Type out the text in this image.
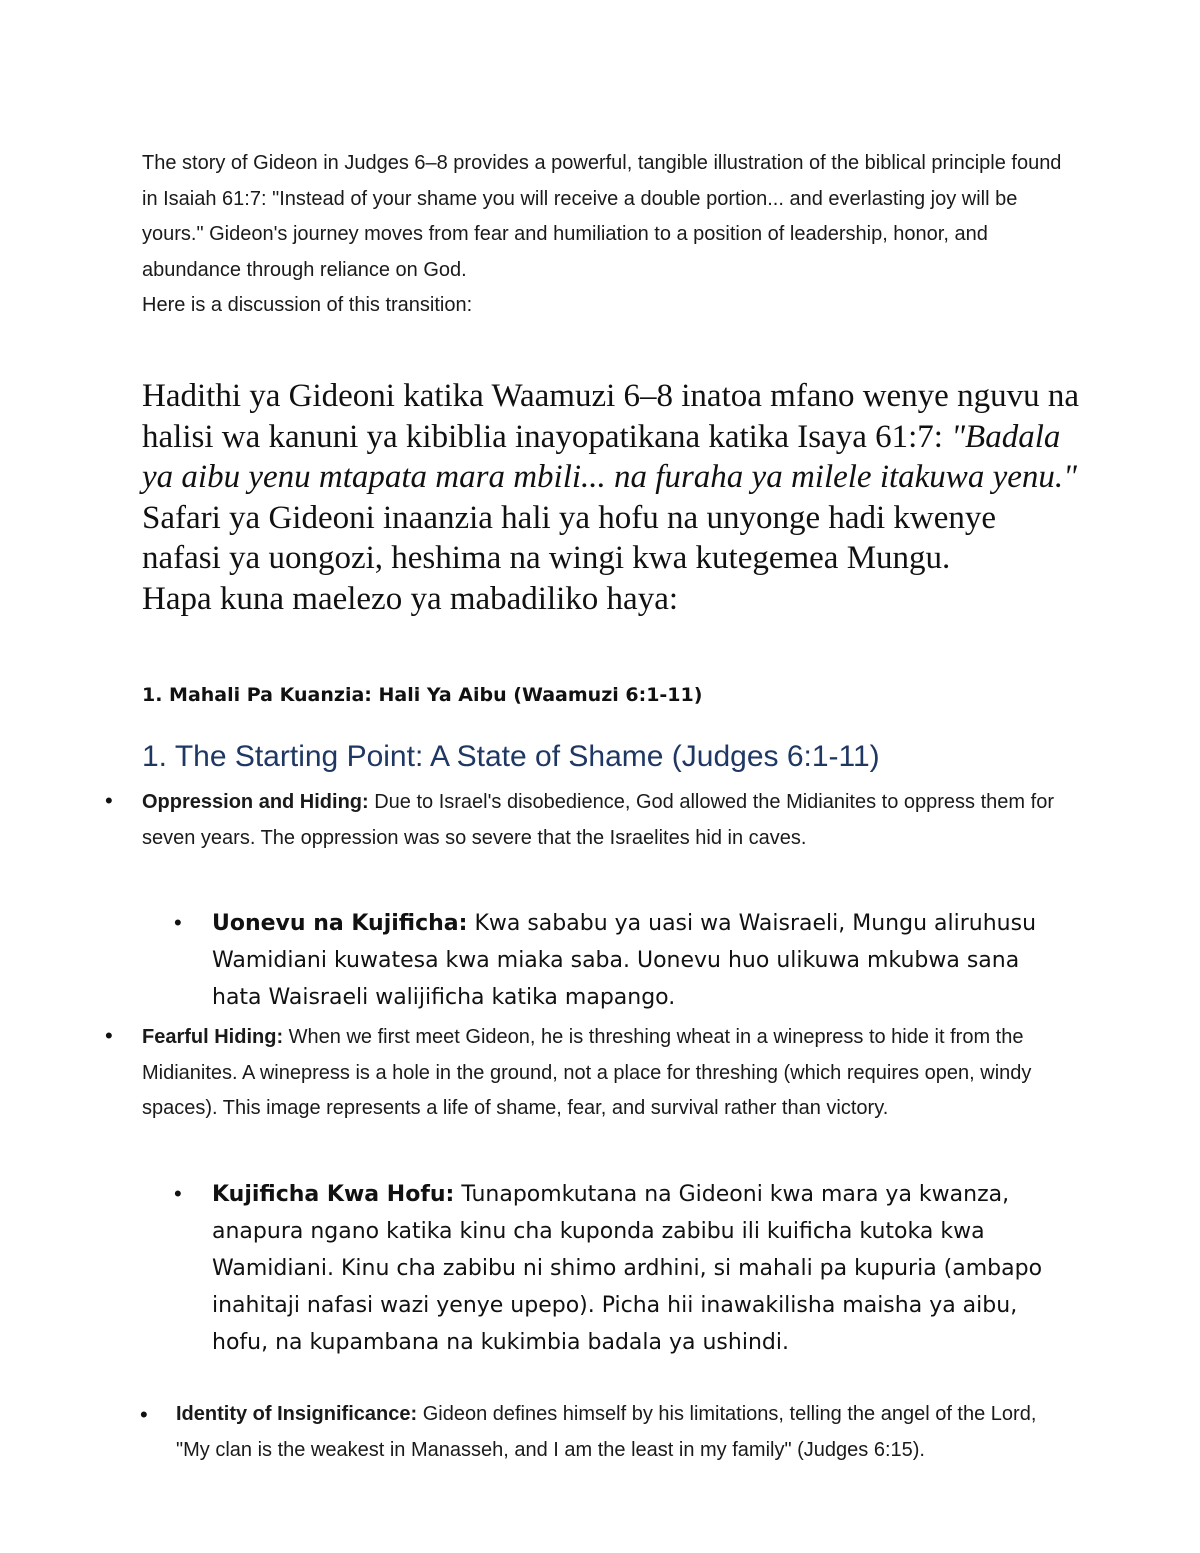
The story of Gideon in Judges 6–8 provides a powerful, tangible illustration of the biblical principle found in Isaiah 61:7: "Instead of your shame you will receive a double portion... and everlasting joy will be yours." Gideon's journey moves from fear and humiliation to a position of leadership, honor, and abundance through reliance on God.
Here is a discussion of this transition:

Hadithi ya Gideoni katika Waamuzi 6–8 inatoa mfano wenye nguvu na halisi wa kanuni ya kibiblia inayopatikana katika Isaya 61:7: "Badala ya aibu yenu mtapata mara mbili... na furaha ya milele itakuwa yenu." Safari ya Gideoni inaanzia hali ya hofu na unyonge hadi kwenye nafasi ya uongozi, heshima na wingi kwa kutegemea Mungu.
Hapa kuna maelezo ya mabadiliko haya:

1. Mahali Pa Kuanzia: Hali Ya Aibu (Waamuzi 6:1-11)
1. The Starting Point: A State of Shame (Judges 6:1-11)
• Oppression and Hiding: Due to Israel's disobedience, God allowed the Midianites to oppress them for seven years. The oppression was so severe that the Israelites hid in caves.

• Uonevu na Kujificha: Kwa sababu ya uasi wa Waisraeli, Mungu aliruhusu Wamidiani kuwatesa kwa miaka saba. Uonevu huo ulikuwa mkubwa sana hata Waisraeli walijificha katika mapango.

• Fearful Hiding: When we first meet Gideon, he is threshing wheat in a winepress to hide it from the Midianites. A winepress is a hole in the ground, not a place for threshing (which requires open, windy spaces). This image represents a life of shame, fear, and survival rather than victory.

• Kujificha Kwa Hofu: Tunapomkutana na Gideoni kwa mara ya kwanza, anapura ngano katika kinu cha kuponda zabibu ili kuificha kutoka kwa Wamidiani. Kinu cha zabibu ni shimo ardhini, si mahali pa kupuria (ambapo inahitaji nafasi wazi yenye upepo). Picha hii inawakilisha maisha ya aibu, hofu, na kupambana na kukimbia badala ya ushindi.

• Identity of Insignificance: Gideon defines himself by his limitations, telling the angel of the Lord, "My clan is the weakest in Manasseh, and I am the least in my family" (Judges 6:15).
